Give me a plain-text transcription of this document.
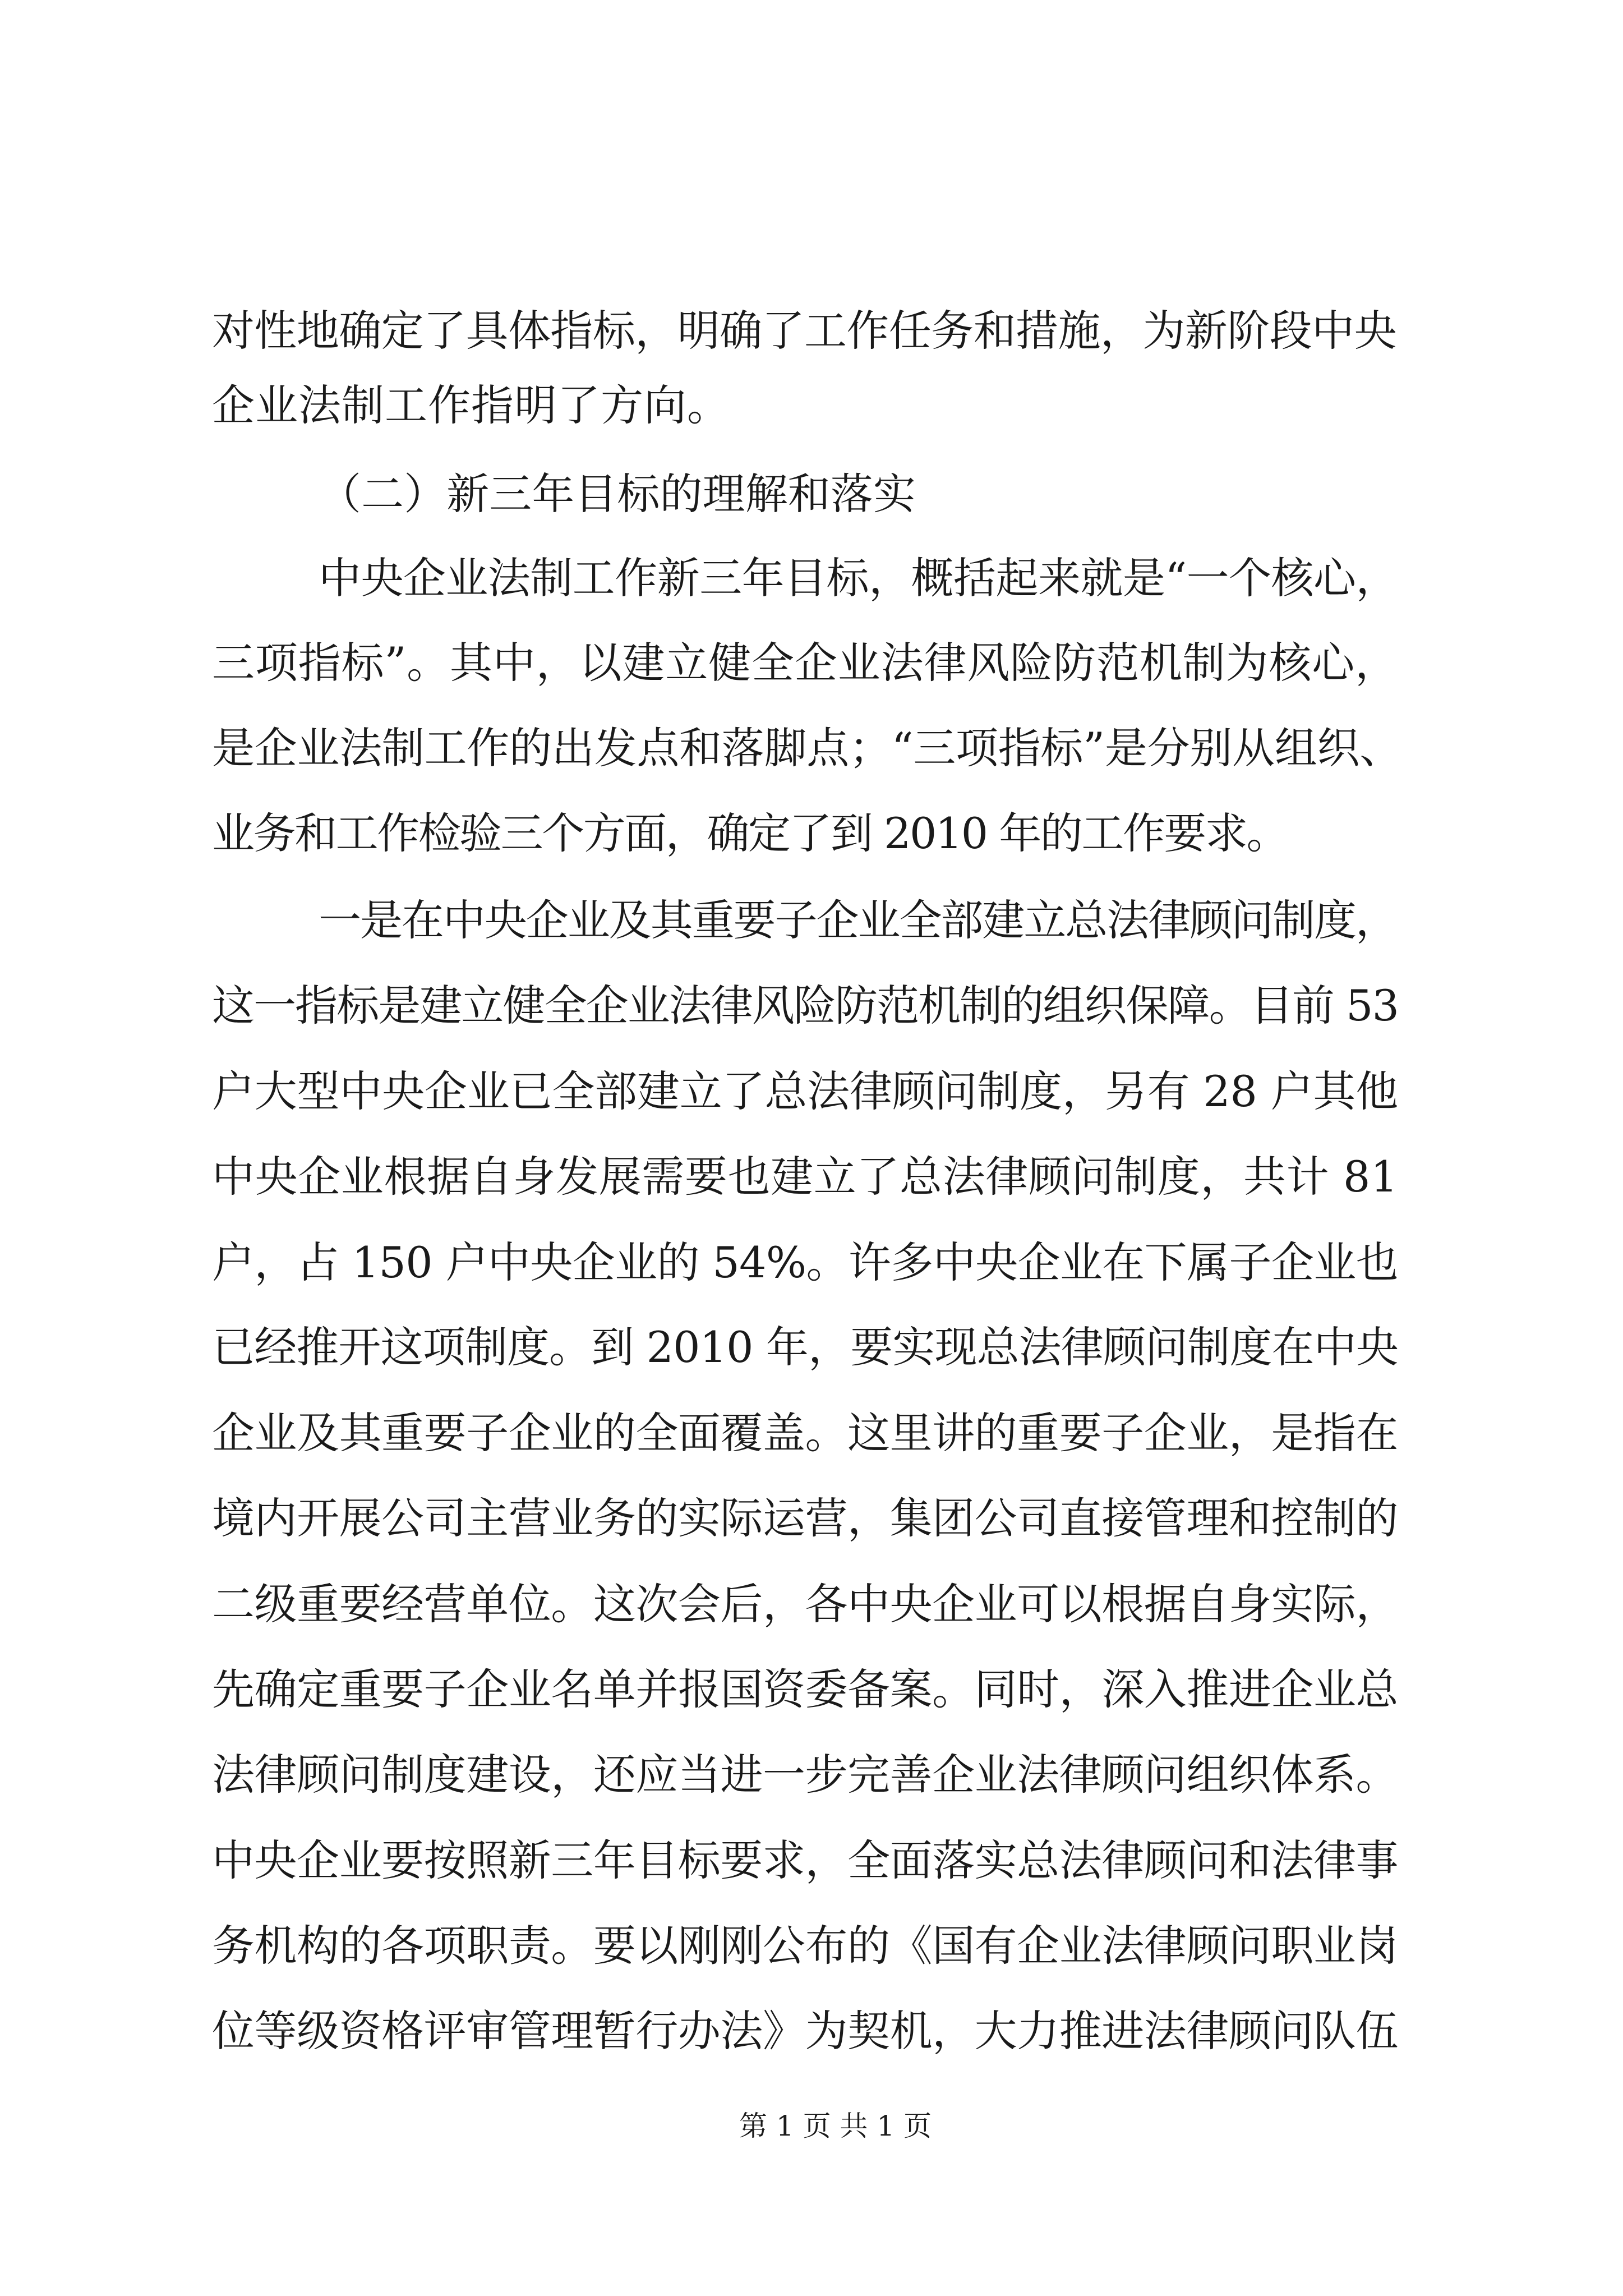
对性地确定了具体指标，明确了工作任务和措施，为新阶段中央
企业法制工作指明了方向。
（二）新三年目标的理解和落实
中央企业法制工作新三年目标，概括起来就是“一个核心，
三项指标”。其中，以建立健全企业法律风险防范机制为核心，
是企业法制工作的出发点和落脚点；“三项指标”是分别从组织、
业务和工作检验三个方面，确定了到 2010 年的工作要求。
一是在中央企业及其重要子企业全部建立总法律顾问制度，
这一指标是建立健全企业法律风险防范机制的组织保障。目前 53
户大型中央企业已全部建立了总法律顾问制度，另有 28 户其他
中央企业根据自身发展需要也建立了总法律顾问制度，共计 81
户，占 150 户中央企业的 54%。许多中央企业在下属子企业也
已经推开这项制度。到 2010 年，要实现总法律顾问制度在中央
企业及其重要子企业的全面覆盖。这里讲的重要子企业，是指在
境内开展公司主营业务的实际运营，集团公司直接管理和控制的
二级重要经营单位。这次会后，各中央企业可以根据自身实际，
先确定重要子企业名单并报国资委备案。同时，深入推进企业总
法律顾问制度建设，还应当进一步完善企业法律顾问组织体系。
中央企业要按照新三年目标要求，全面落实总法律顾问和法律事
务机构的各项职责。要以刚刚公布的《国有企业法律顾问职业岗
位等级资格评审管理暂行办法》为契机，大力推进法律顾问队伍
第 1 页 共 1 页
